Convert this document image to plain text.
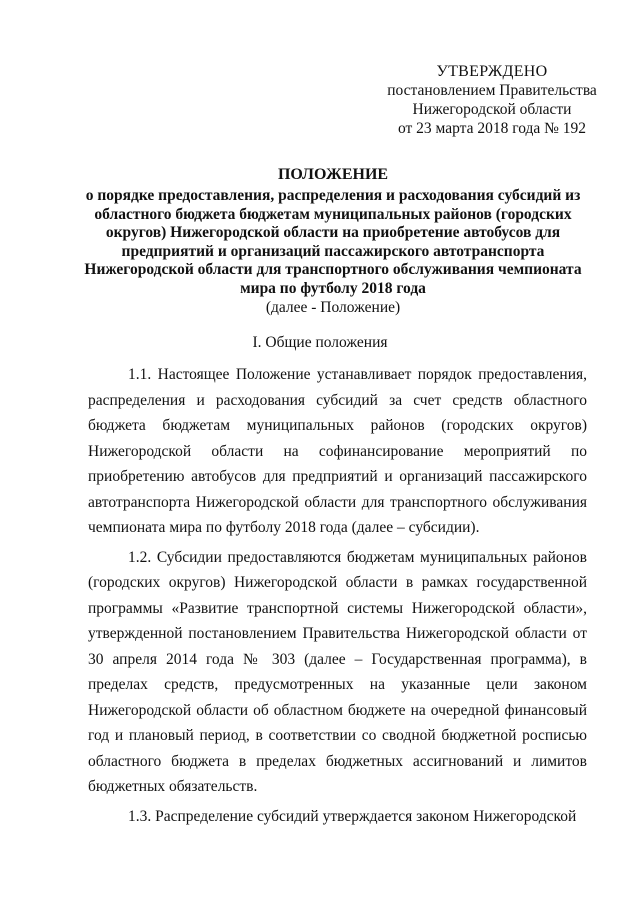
УТВЕРЖДЕНО
постановлением Правительства
Нижегородской области
от 23 марта 2018 года № 192

ПОЛОЖЕНИЕ

о порядке предоставления, распределения и расходования субсидий из областного бюджета бюджетам муниципальных районов (городских округов) Нижегородской области на приобретение автобусов для предприятий и организаций пассажирского автотранспорта Нижегородской области для транспортного обслуживания чемпионата мира по футболу 2018 года

(далее - Положение)

I. Общие положения

1.1. Настоящее Положение устанавливает порядок предоставления, распределения и расходования субсидий за счет средств областного бюджета бюджетам муниципальных районов (городских округов) Нижегородской области на софинансирование мероприятий по приобретению автобусов для предприятий и организаций пассажирского автотранспорта Нижегородской области для транспортного обслуживания чемпионата мира по футболу 2018 года (далее – субсидии).

1.2. Субсидии предоставляются бюджетам муниципальных районов (городских округов) Нижегородской области в рамках государственной программы «Развитие транспортной системы Нижегородской области», утвержденной постановлением Правительства Нижегородской области от 30 апреля 2014 года № 303 (далее – Государственная программа), в пределах средств, предусмотренных на указанные цели законом Нижегородской области об областном бюджете на очередной финансовый год и плановый период, в соответствии со сводной бюджетной росписью областного бюджета в пределах бюджетных ассигнований и лимитов бюджетных обязательств.

1.3. Распределение субсидий утверждается законом Нижегородской
